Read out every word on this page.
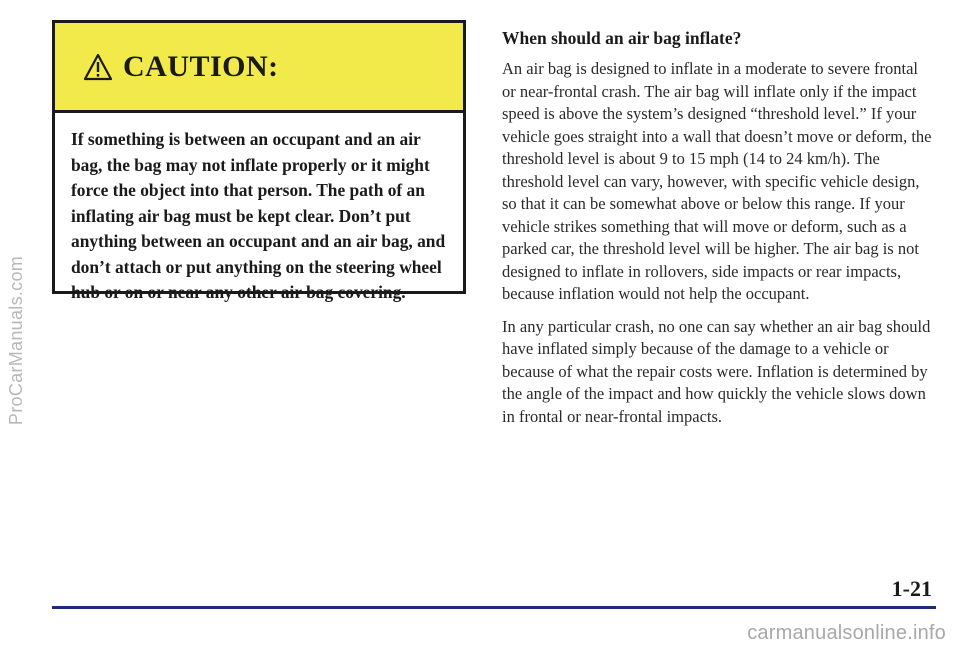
ProCarManuals.com
CAUTION:
If something is between an occupant and an air bag, the bag may not inflate properly or it might force the object into that person. The path of an inflating air bag must be kept clear. Don’t put anything between an occupant and an air bag, and don’t attach or put anything on the steering wheel hub or on or near any other air bag covering.
When should an air bag inflate?

An air bag is designed to inflate in a moderate to severe frontal or near-frontal crash. The air bag will inflate only if the impact speed is above the system’s designed “threshold level.” If your vehicle goes straight into a wall that doesn’t move or deform, the threshold level is about 9 to 15 mph (14 to 24 km/h). The threshold level can vary, however, with specific vehicle design, so that it can be somewhat above or below this range. If your vehicle strikes something that will move or deform, such as a parked car, the threshold level will be higher. The air bag is not designed to inflate in rollovers, side impacts or rear impacts, because inflation would not help the occupant.

In any particular crash, no one can say whether an air bag should have inflated simply because of the damage to a vehicle or because of what the repair costs were. Inflation is determined by the angle of the impact and how quickly the vehicle slows down in frontal or near-frontal impacts.

1-21
carmanualsonline.info
